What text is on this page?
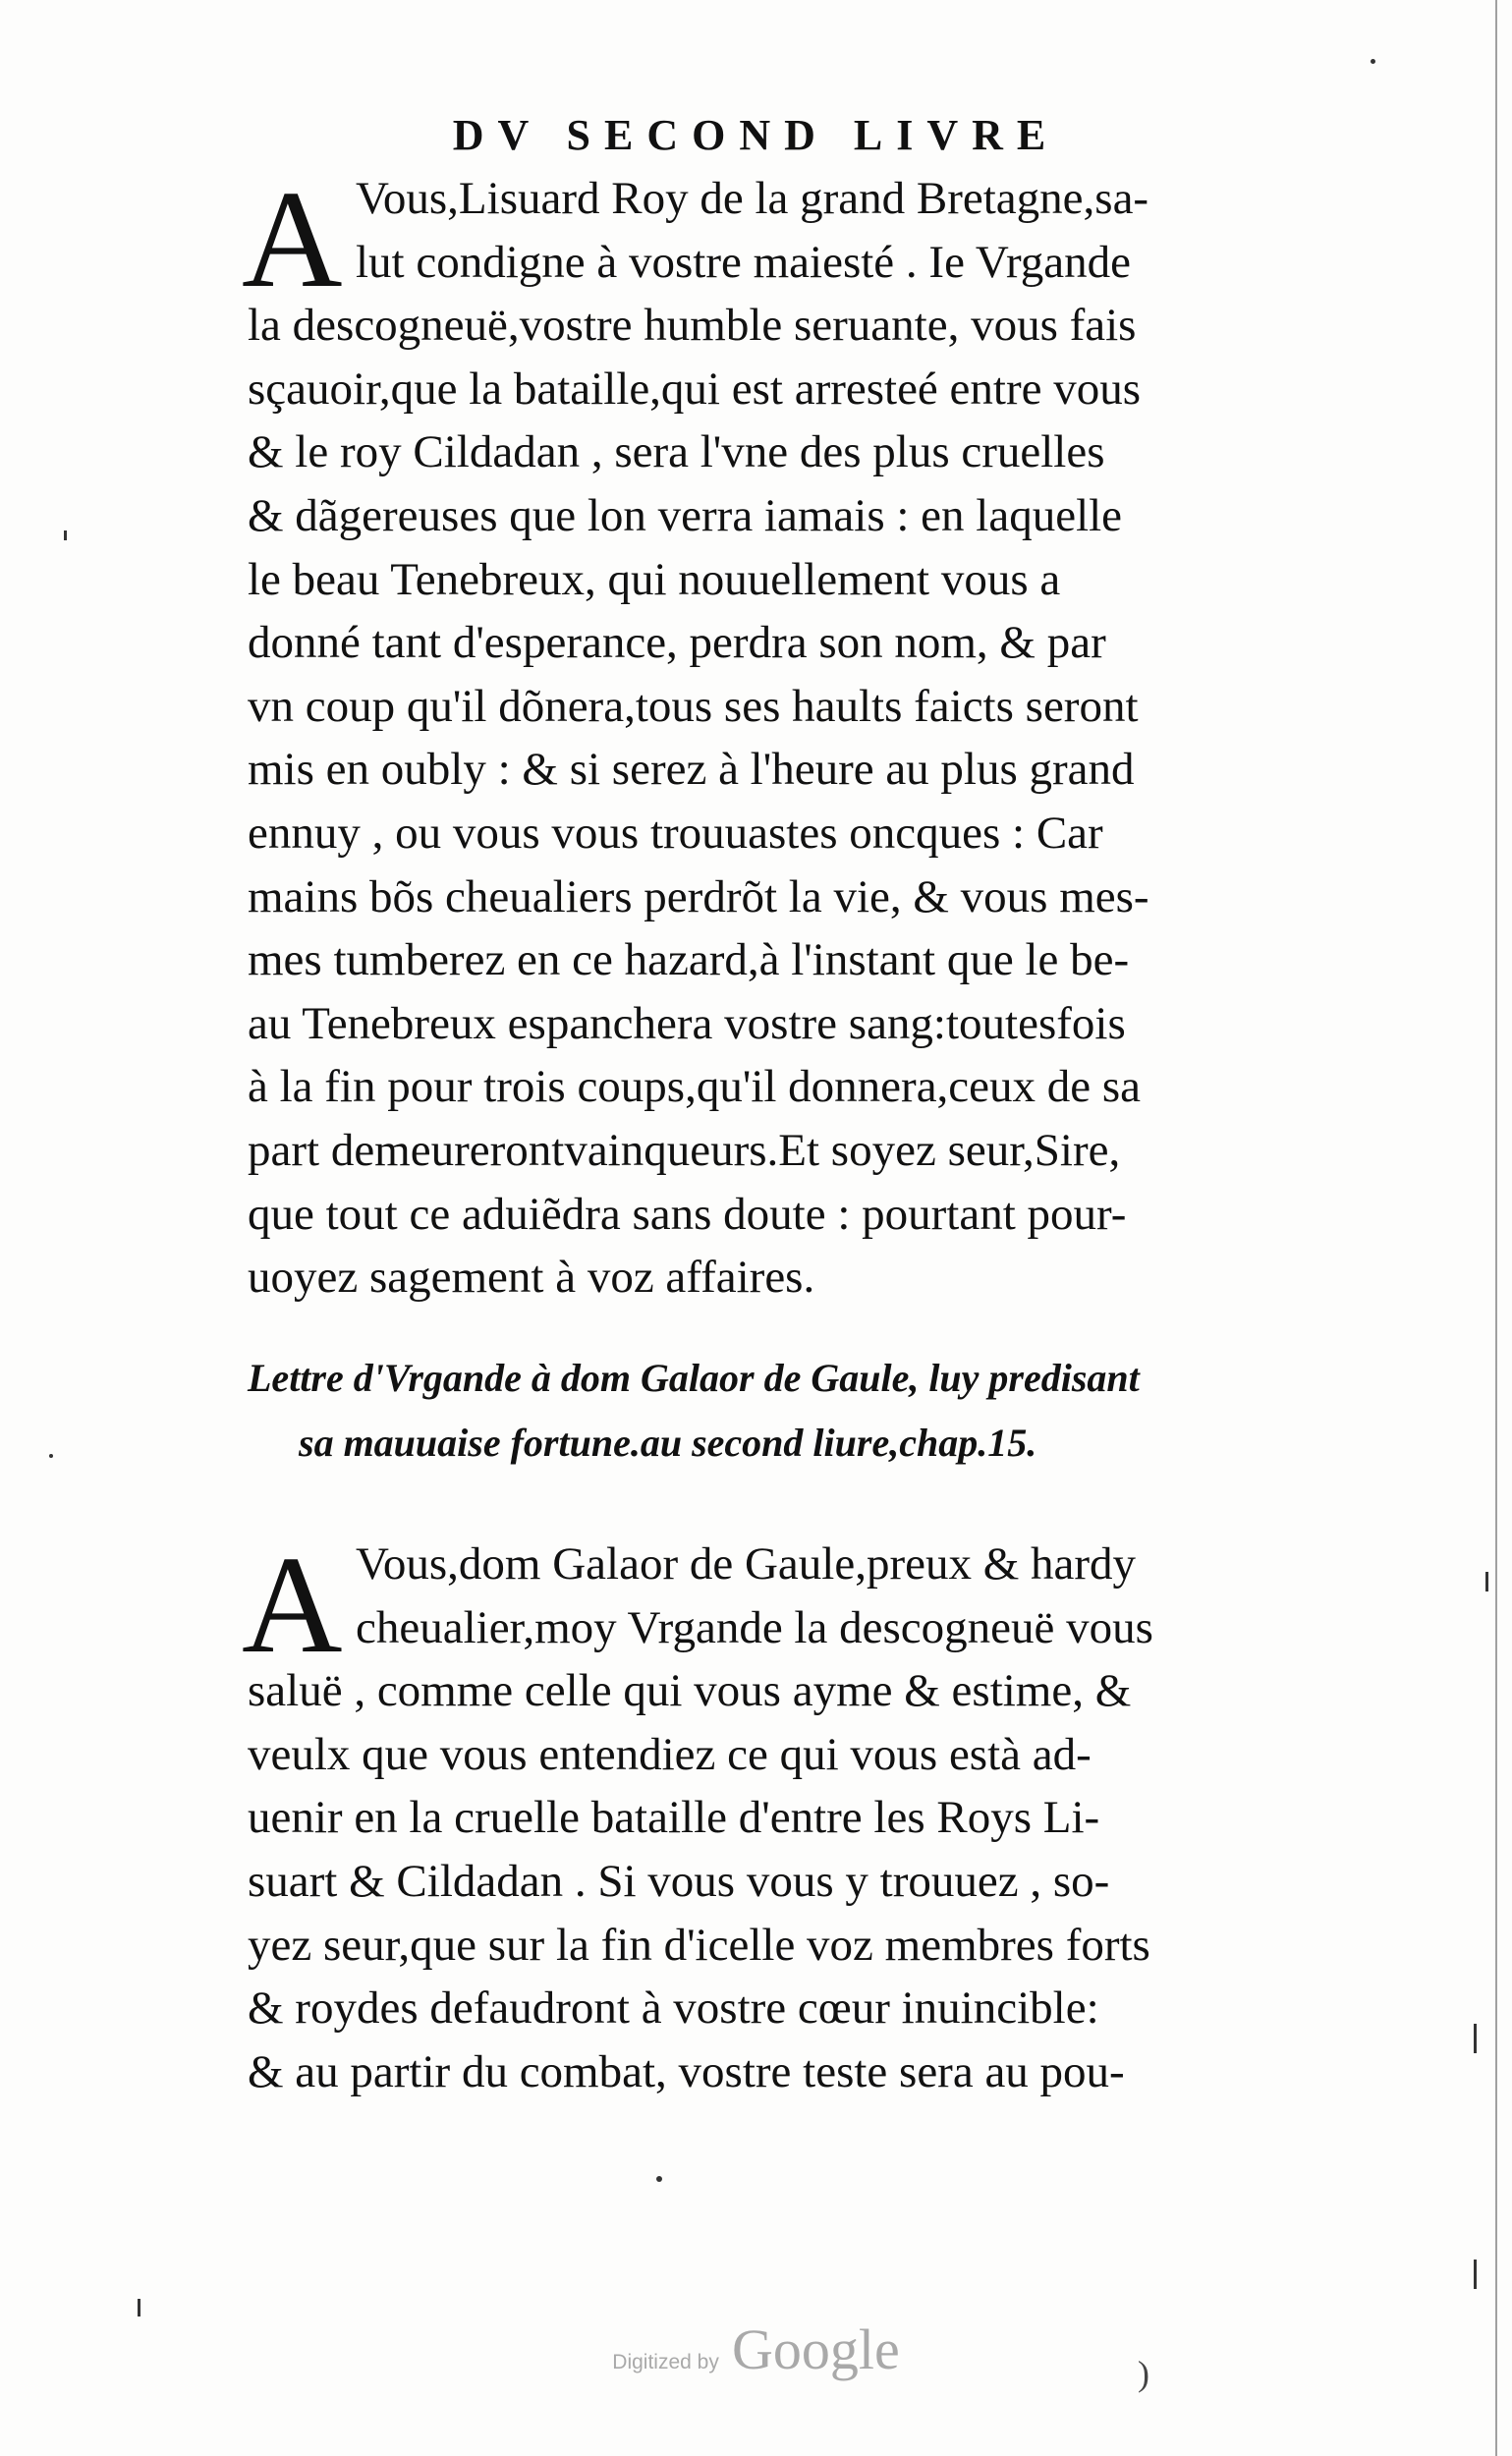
DV SECOND LIVRE
A Vous,Lisuard Roy de la grand Bretagne,sa-
lut condigne à vostre maiesté . Ie Vrgande
la descogneuë,vostre humble seruante, vous fais
sçauoir,que la bataille,qui est arresteé entre vous
& le roy Cildadan , sera l'vne des plus cruelles
& dãgereuses que lon verra iamais : en laquelle
le beau Tenebreux, qui nouuellement vous a
donné tant d'esperance, perdra son nom, & par
vn coup qu'il dõnera,tous ses haults faicts seront
mis en oubly : & si serez à l'heure au plus grand
ennuy , ou vous vous trouuastes oncques : Car
mains bõs cheualiers perdrõt la vie, & vous mes-
mes tumberez en ce hazard,à l'instant que le be-
au Tenebreux espanchera vostre sang:toutesfois
à la fin pour trois coups,qu'il donnera,ceux de sa
part demeurerontvainqueurs.Et soyez seur,Sire,
que tout ce aduiẽdra sans doute : pourtant pour-
uoyez sagement à voz affaires.
Lettre d'Vrgande à dom Galaor de Gaule, luy predisant
sa mauuaise fortune.au second liure,chap.15.
A Vous,dom Galaor de Gaule,preux & hardy
cheualier,moy Vrgande la descogneuë vous
saluë , comme celle qui vous ayme & estime, &
veulx que vous entendiez ce qui vous està ad-
uenir en la cruelle bataille d'entre les Roys Li-
suart & Cildadan . Si vous vous y trouuez , so-
yez seur,que sur la fin d'icelle voz membres forts
& roydes defaudront à vostre cœur inuincible:
& au partir du combat, vostre teste sera au pou-
Digitized by Google	)
